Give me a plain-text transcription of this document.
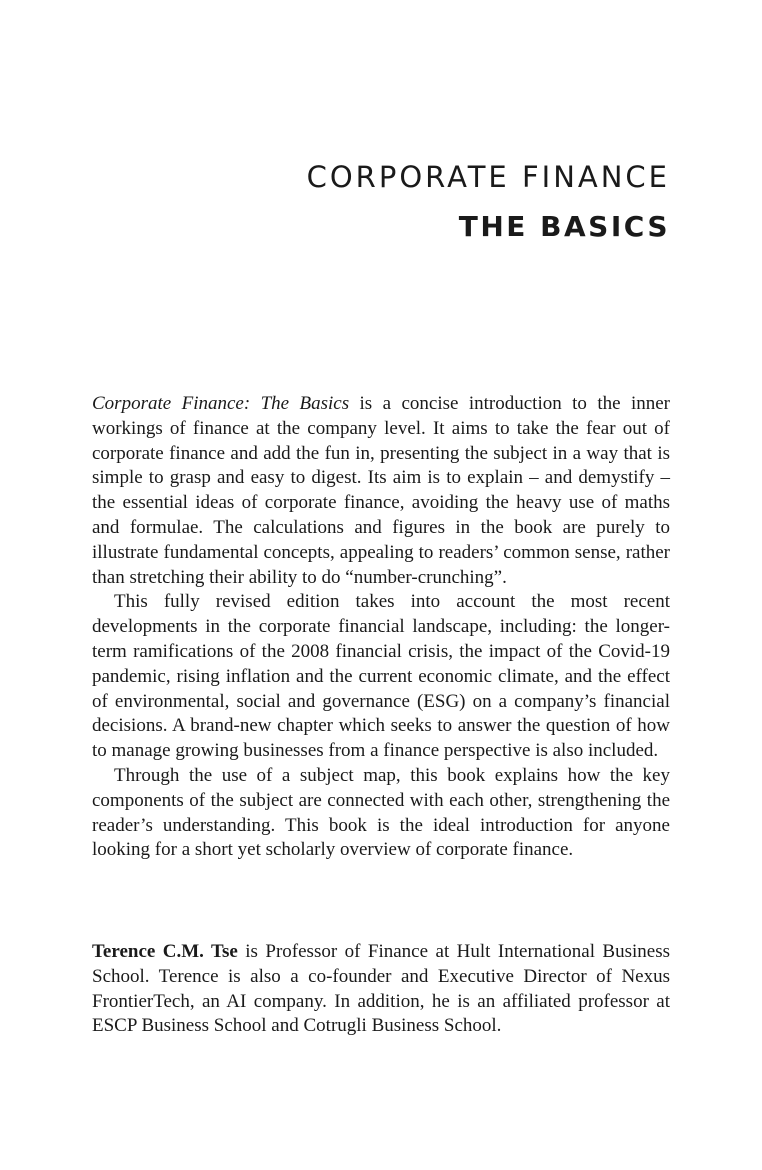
CORPORATE FINANCE
THE BASICS

Corporate Finance: The Basics is a concise introduction to the inner workings of finance at the company level. It aims to take the fear out of corporate finance and add the fun in, presenting the subject in a way that is simple to grasp and easy to digest. Its aim is to explain – and demystify – the essential ideas of corporate finance, avoiding the heavy use of maths and formulae. The calculations and figures in the book are purely to illustrate fundamental concepts, appealing to readers’ common sense, rather than stretching their ability to do “number-crunching”.

This fully revised edition takes into account the most recent developments in the corporate financial landscape, including: the longer-term ramifications of the 2008 financial crisis, the impact of the Covid-19 pandemic, rising inflation and the current economic climate, and the effect of environmental, social and governance (ESG) on a company’s financial decisions. A brand-new chapter which seeks to answer the question of how to manage growing businesses from a finance perspective is also included.

Through the use of a subject map, this book explains how the key components of the subject are connected with each other, strengthening the reader’s understanding. This book is the ideal introduction for anyone looking for a short yet scholarly overview of corporate finance.

Terence C.M. Tse is Professor of Finance at Hult International Business School. Terence is also a co-founder and Executive Director of Nexus FrontierTech, an AI company. In addition, he is an affiliated professor at ESCP Business School and Cotrugli Business School.
